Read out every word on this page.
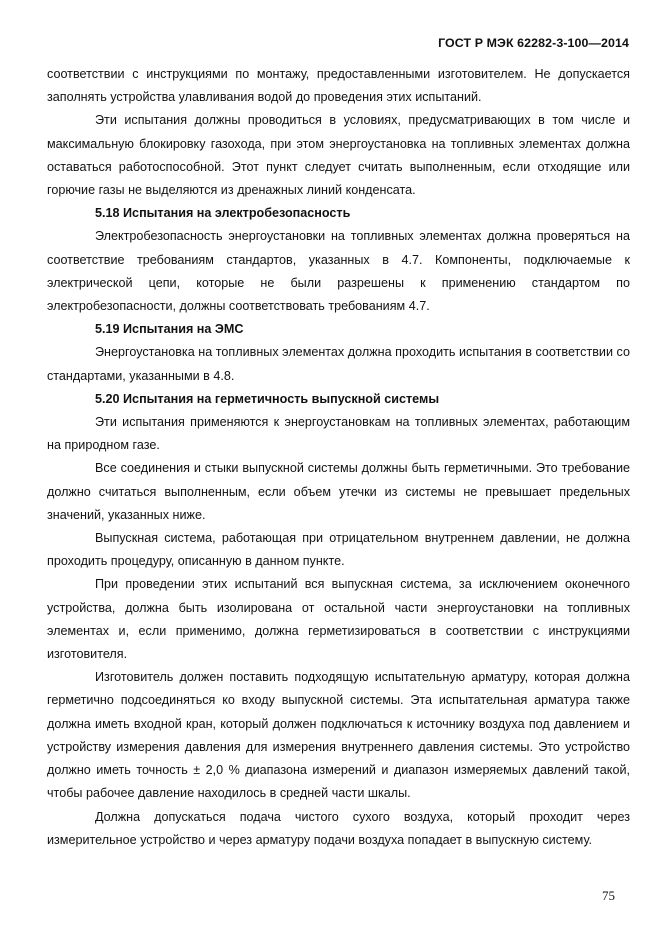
ГОСТ Р МЭК 62282-3-100—2014

соответствии с инструкциями по монтажу, предоставленными изготовителем. Не допускается заполнять устройства улавливания водой до проведения этих испытаний.

Эти испытания должны проводиться в условиях, предусматривающих в том числе и максимальную блокировку газохода, при этом энергоустановка на топливных элементах должна оставаться работоспособной. Этот пункт следует считать выполненным, если отходящие или горючие газы не выделяются из дренажных линий конденсата.

5.18 Испытания на электробезопасность

Электробезопасность энергоустановки на топливных элементах должна проверяться на соответствие требованиям стандартов, указанных в 4.7. Компоненты, подключаемые к электрической цепи, которые не были разрешены к применению стандартом по электробезопасности, должны соответствовать требованиям 4.7.

5.19 Испытания на ЭМС

Энергоустановка на топливных элементах должна проходить испытания в соответствии со стандартами, указанными в 4.8.

5.20 Испытания на герметичность выпускной системы

Эти испытания применяются к энергоустановкам на топливных элементах, работающим на природном газе.

Все соединения и стыки выпускной системы должны быть герметичными. Это требование должно считаться выполненным, если объем утечки из системы не превышает предельных значений, указанных ниже.

Выпускная система, работающая при отрицательном внутреннем давлении, не должна проходить процедуру, описанную в данном пункте.

При проведении этих испытаний вся выпускная система, за исключением оконечного устройства, должна быть изолирована от остальной части энергоустановки на топливных элементах и, если применимо, должна герметизироваться в соответствии с инструкциями изготовителя.

Изготовитель должен поставить подходящую испытательную арматуру, которая должна герметично подсоединяться ко входу выпускной системы. Эта испытательная арматура также должна иметь входной кран, который должен подключаться к источнику воздуха под давлением и устройству измерения давления для измерения внутреннего давления системы. Это устройство должно иметь точность ± 2,0 % диапазона измерений и диапазон измеряемых давлений такой, чтобы рабочее давление находилось в средней части шкалы.

Должна допускаться подача чистого сухого воздуха, который проходит через измерительное устройство и через арматуру подачи воздуха попадает в выпускную систему.

75
